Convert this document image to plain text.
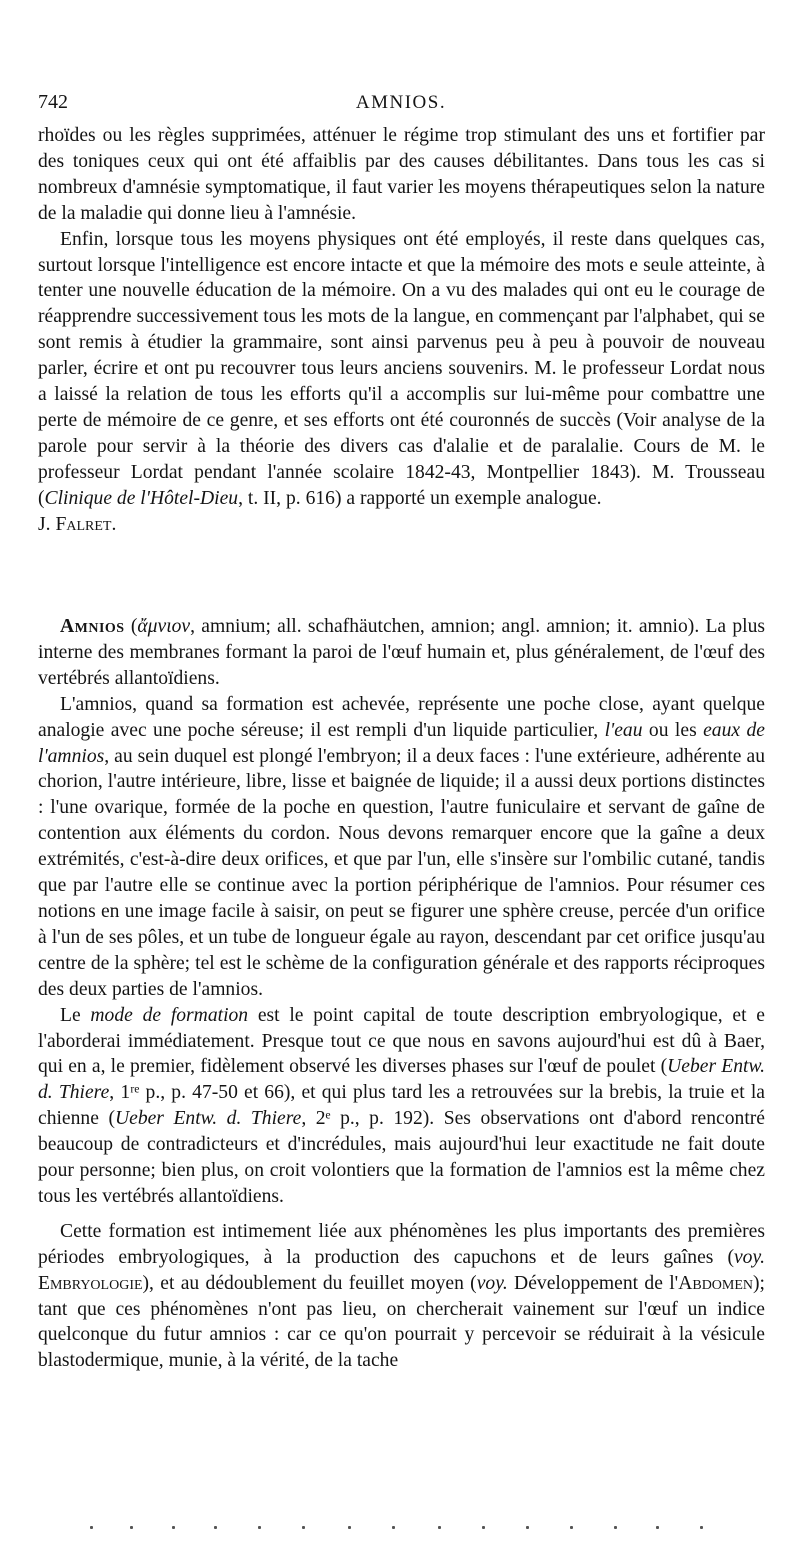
742	AMNIOS.

rhoïdes ou les règles supprimées, atténuer le régime trop stimulant des uns et fortifier par des toniques ceux qui ont été affaiblis par des causes débilitantes. Dans tous les cas si nombreux d'amnésie symptomatique, il faut varier les moyens thérapeutiques selon la nature de la maladie qui donne lieu à l'amnésie.

Enfin, lorsque tous les moyens physiques ont été employés, il reste dans quelques cas, surtout lorsque l'intelligence est encore intacte et que la mémoire des mots e seule atteinte, à tenter une nouvelle éducation de la mémoire. On a vu des malades qui ont eu le courage de réapprendre successivement tous les mots de la langue, en commençant par l'alphabet, qui se sont remis à étudier la grammaire, sont ainsi parvenus peu à peu à pouvoir de nouveau parler, écrire et ont pu recouvrer tous leurs anciens souvenirs. M. le professeur Lordat nous a laissé la relation de tous les efforts qu'il a accomplis sur lui-même pour combattre une perte de mémoire de ce genre, et ses efforts ont été couronnés de succès (Voir analyse de la parole pour servir à la théorie des divers cas d'alalie et de paralalie. Cours de M. le professeur Lordat pendant l'année scolaire 1842-43, Montpellier 1843). M. Trousseau (Clinique de l'Hôtel-Dieu, t. II, p. 616) a rapporté un exemple analogue.

J. Falret.

Amnios (ἄμνιον, amnium; all. schafhäutchen, amnion; angl. amnion; it. amnio). La plus interne des membranes formant la paroi de l'œuf humain et, plus généralement, de l'œuf des vertébrés allantoïdiens.

L'amnios, quand sa formation est achevée, représente une poche close, ayant quelque analogie avec une poche séreuse; il est rempli d'un liquide particulier, l'eau ou les eaux de l'amnios, au sein duquel est plongé l'embryon; il a deux faces : l'une extérieure, adhérente au chorion, l'autre intérieure, libre, lisse et baignée de liquide; il a aussi deux portions distinctes : l'une ovarique, formée de la poche en question, l'autre funiculaire et servant de gaîne de contention aux éléments du cordon. Nous devons remarquer encore que la gaîne a deux extrémités, c'est-à-dire deux orifices, et que par l'un, elle s'insère sur l'ombilic cutané, tandis que par l'autre elle se continue avec la portion périphérique de l'amnios. Pour résumer ces notions en une image facile à saisir, on peut se figurer une sphère creuse, percée d'un orifice à l'un de ses pôles, et un tube de longueur égale au rayon, descendant par cet orifice jusqu'au centre de la sphère; tel est le schème de la configuration générale et des rapports réciproques des deux parties de l'amnios.

Le mode de formation est le point capital de toute description embryologique, et e l'aborderai immédiatement. Presque tout ce que nous en savons aujourd'hui est dû à Baer, qui en a, le premier, fidèlement observé les diverses phases sur l'œuf de poulet (Ueber Entw. d. Thiere, 1ʳᵉ p., p. 47-50 et 66), et qui plus tard les a retrouvées sur la brebis, la truie et la chienne (Ueber Entw. d. Thiere, 2ᵉ p., p. 192). Ses observations ont d'abord rencontré beaucoup de contradicteurs et d'incrédules, mais aujourd'hui leur exactitude ne fait doute pour personne; bien plus, on croit volontiers que la formation de l'amnios est la même chez tous les vertébrés allantoïdiens.

Cette formation est intimement liée aux phénomènes les plus importants des premières périodes embryologiques, à la production des capuchons et de leurs gaînes (voy. Embryologie), et au dédoublement du feuillet moyen (voy. Développement de l'Abdomen); tant que ces phénomènes n'ont pas lieu, on chercherait vainement sur l'œuf un indice quelconque du futur amnios : car ce qu'on pourrait y percevoir se réduirait à la vésicule blastodermique, munie, à la vérité, de la tache
